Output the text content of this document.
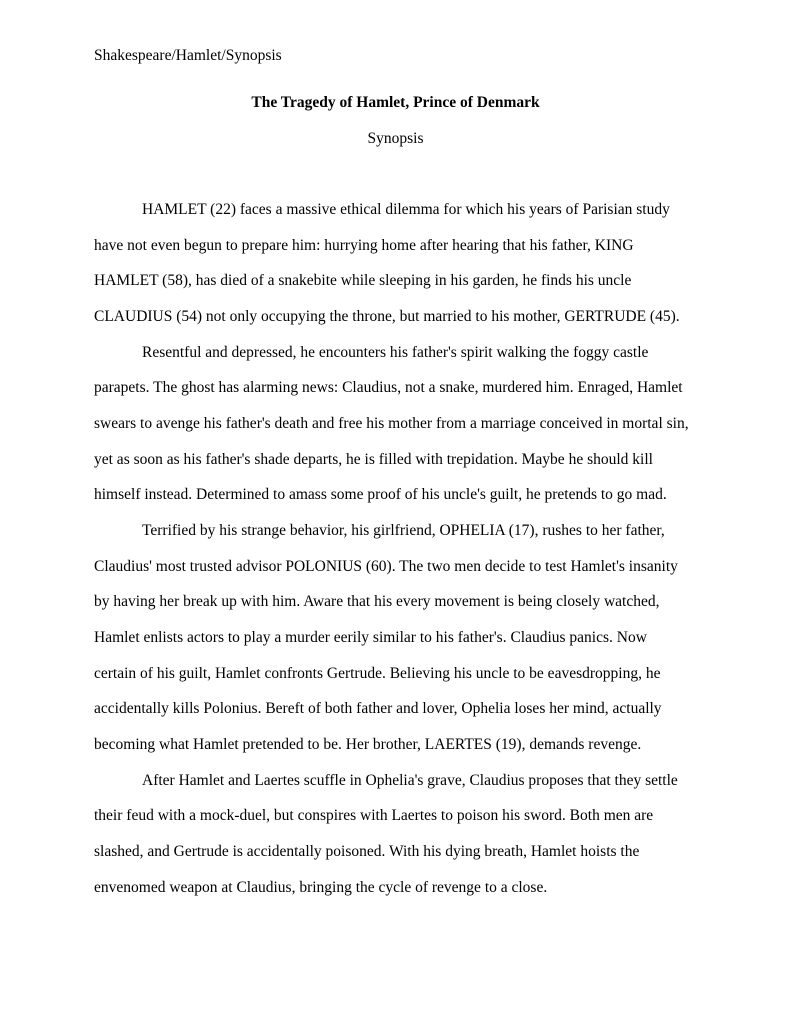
Shakespeare/Hamlet/Synopsis
The Tragedy of Hamlet, Prince of Denmark
Synopsis
HAMLET (22) faces a massive ethical dilemma for which his years of Parisian study
have not even begun to prepare him: hurrying home after hearing that his father, KING
HAMLET (58), has died of a snakebite while sleeping in his garden, he finds his uncle
CLAUDIUS (54) not only occupying the throne, but married to his mother, GERTRUDE (45).
Resentful and depressed, he encounters his father's spirit walking the foggy castle
parapets. The ghost has alarming news: Claudius, not a snake, murdered him. Enraged, Hamlet
swears to avenge his father's death and free his mother from a marriage conceived in mortal sin,
yet as soon as his father's shade departs, he is filled with trepidation. Maybe he should kill
himself instead. Determined to amass some proof of his uncle's guilt, he pretends to go mad.
Terrified by his strange behavior, his girlfriend, OPHELIA (17), rushes to her father,
Claudius' most trusted advisor POLONIUS (60). The two men decide to test Hamlet's insanity
by having her break up with him. Aware that his every movement is being closely watched,
Hamlet enlists actors to play a murder eerily similar to his father's. Claudius panics. Now
certain of his guilt, Hamlet confronts Gertrude. Believing his uncle to be eavesdropping, he
accidentally kills Polonius. Bereft of both father and lover, Ophelia loses her mind, actually
becoming what Hamlet pretended to be. Her brother, LAERTES (19), demands revenge.
After Hamlet and Laertes scuffle in Ophelia's grave, Claudius proposes that they settle
their feud with a mock-duel, but conspires with Laertes to poison his sword. Both men are
slashed, and Gertrude is accidentally poisoned. With his dying breath, Hamlet hoists the
envenomed weapon at Claudius, bringing the cycle of revenge to a close.
